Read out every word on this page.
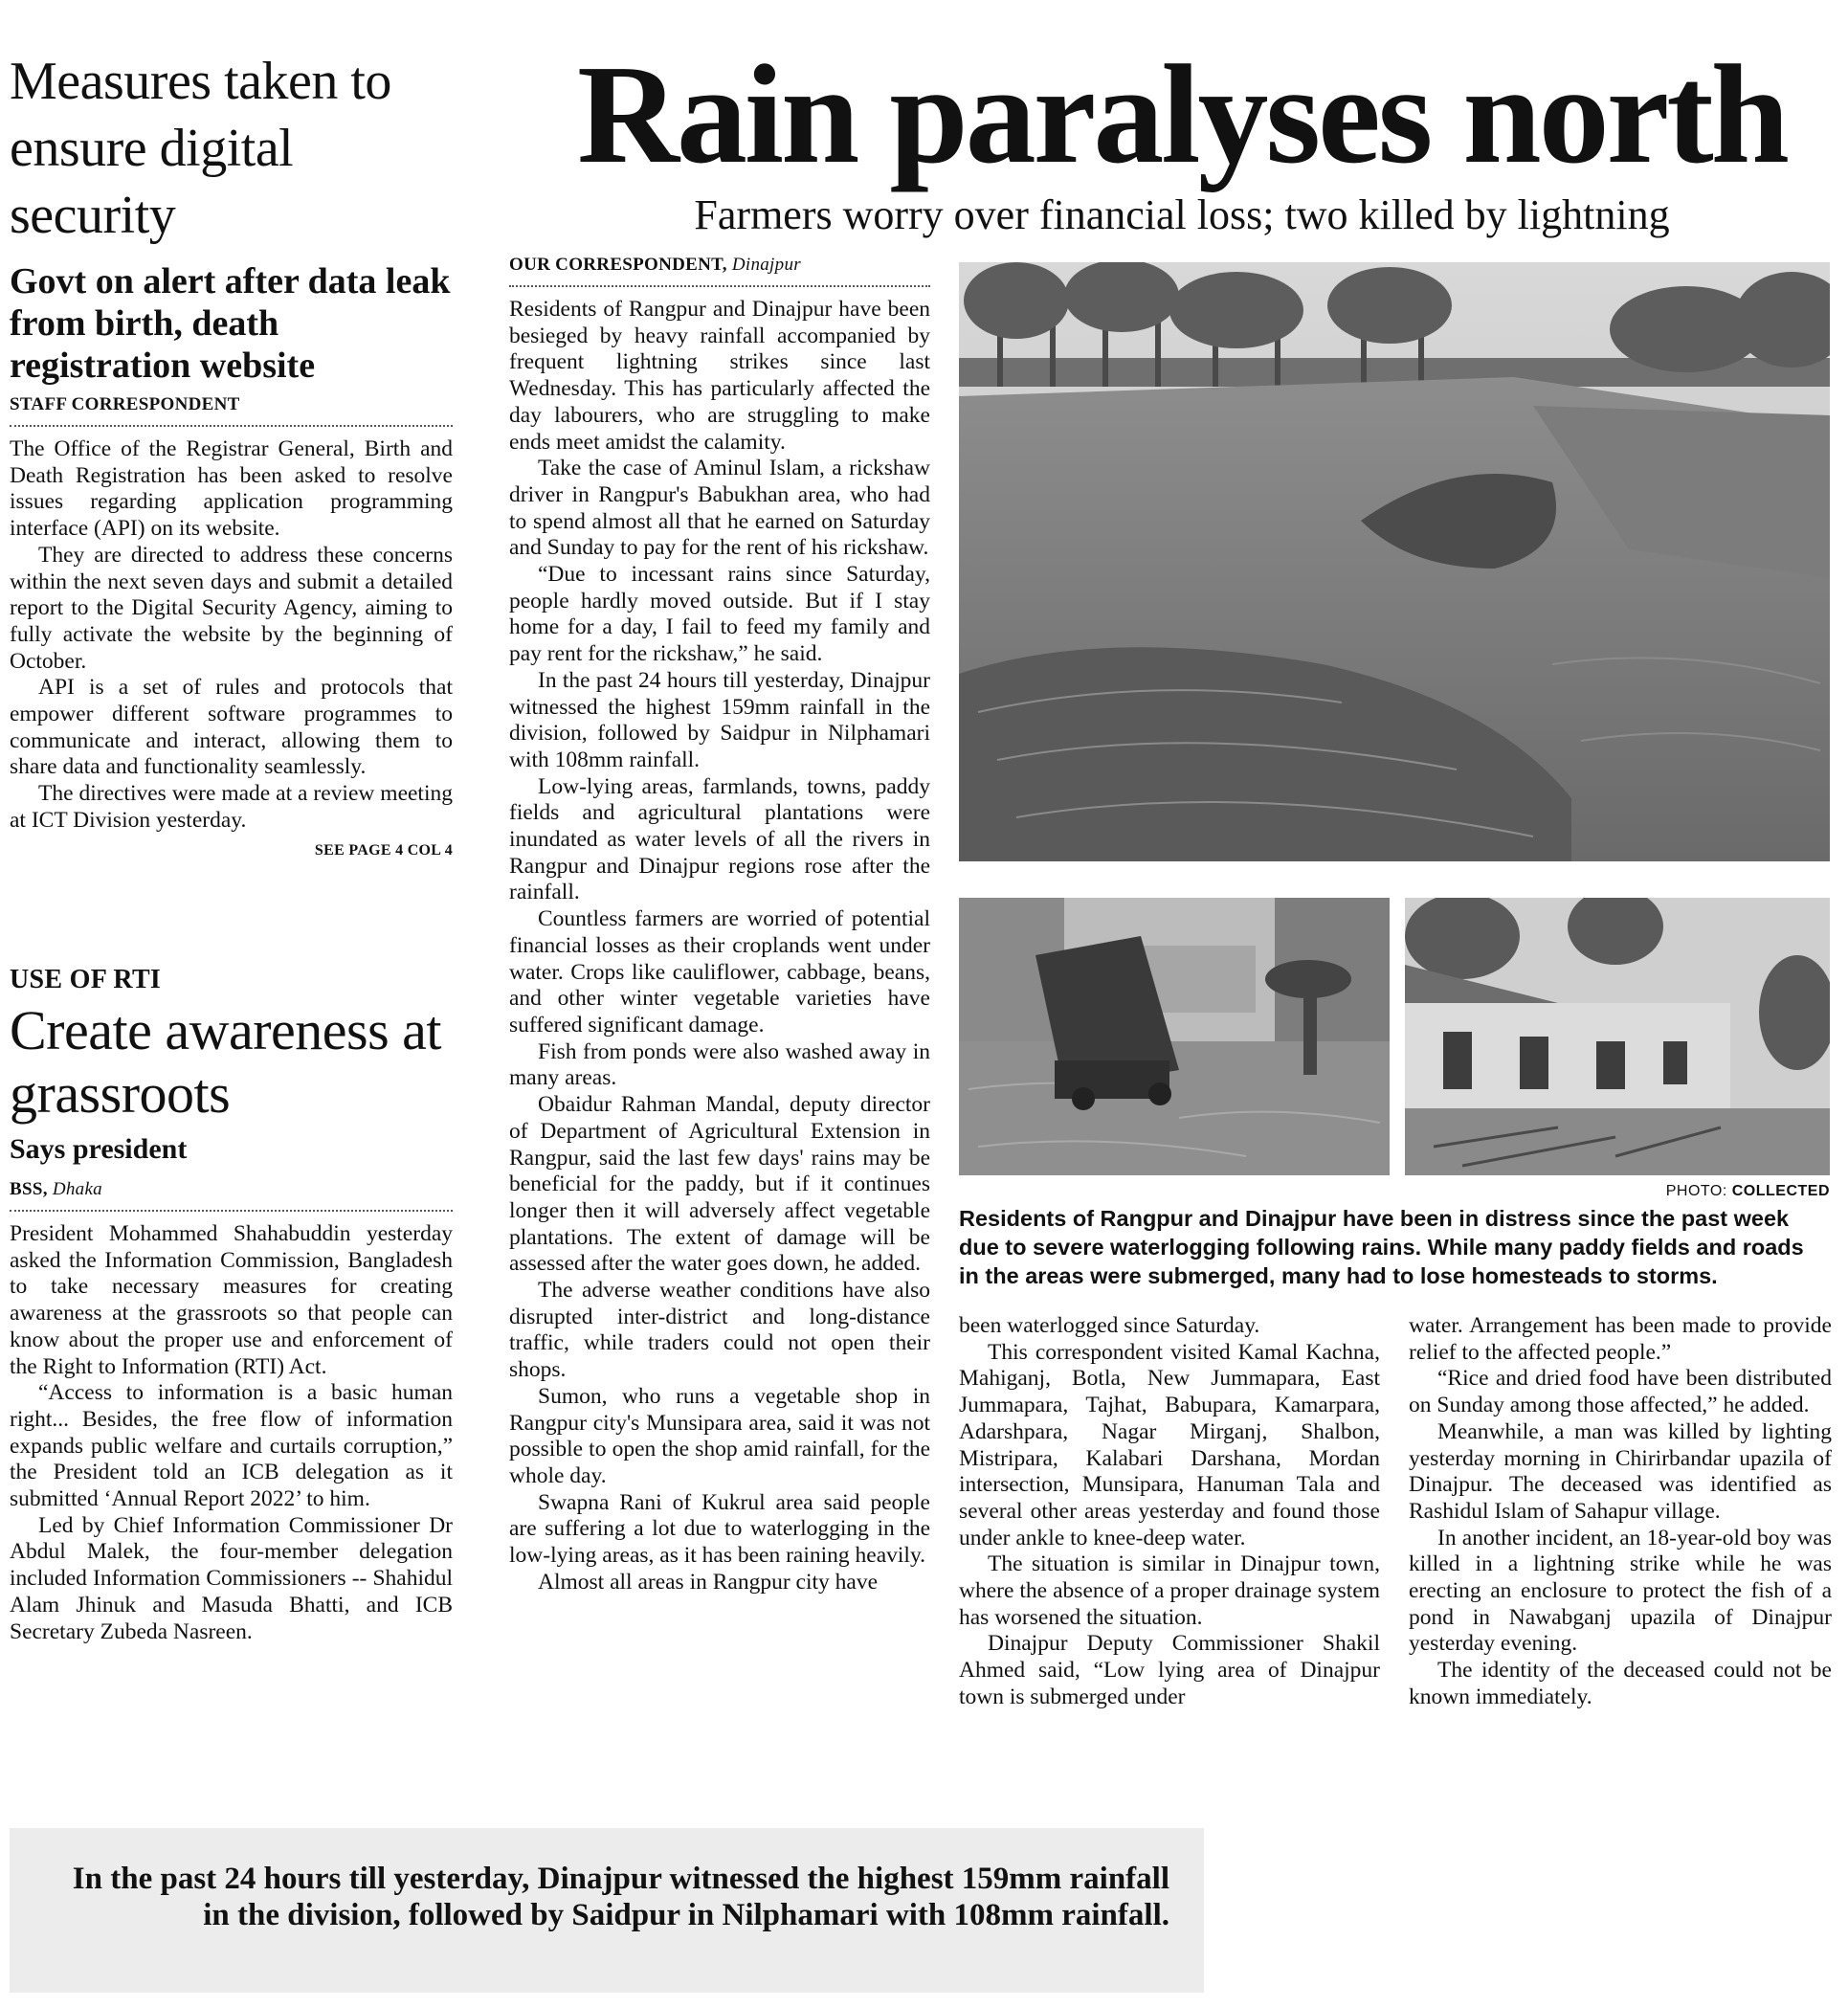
Measures taken to ensure digital security
Govt on alert after data leak from birth, death registration website
STAFF CORRESPONDENT

The Office of the Registrar General, Birth and Death Registration has been asked to resolve issues regarding application programming interface (API) on its website.

They are directed to address these concerns within the next seven days and submit a detailed report to the Digital Security Agency, aiming to fully activate the website by the beginning of October.

API is a set of rules and protocols that empower different software programmes to communicate and interact, allowing them to share data and functionality seamlessly.

The directives were made at a review meeting at ICT Division yesterday.

SEE PAGE 4 COL 4
USE OF RTI
Create awareness at grassroots
Says president
BSS, Dhaka

President Mohammed Shahabuddin yesterday asked the Information Commission, Bangladesh to take necessary measures for creating awareness at the grassroots so that people can know about the proper use and enforcement of the Right to Information (RTI) Act.

“Access to information is a basic human right... Besides, the free flow of information expands public welfare and curtails corruption,” the President told an ICB delegation as it submitted ‘Annual Report 2022’ to him.

Led by Chief Information Commissioner Dr Abdul Malek, the four-member delegation included Information Commissioners -- Shahidul Alam Jhinuk and Masuda Bhatti, and ICB Secretary Zubeda Nasreen.

Rain paralyses north
Farmers worry over financial loss; two killed by lightning
OUR CORRESPONDENT, Dinajpur

Residents of Rangpur and Dinajpur have been besieged by heavy rainfall accompanied by frequent lightning strikes since last Wednesday. This has particularly affected the day labourers, who are struggling to make ends meet amidst the calamity.

Take the case of Aminul Islam, a rickshaw driver in Rangpur's Babukhan area, who had to spend almost all that he earned on Saturday and Sunday to pay for the rent of his rickshaw.

“Due to incessant rains since Saturday, people hardly moved outside. But if I stay home for a day, I fail to feed my family and pay rent for the rickshaw,” he said.

In the past 24 hours till yesterday, Dinajpur witnessed the highest 159mm rainfall in the division, followed by Saidpur in Nilphamari with 108mm rainfall.

Low-lying areas, farmlands, towns, paddy fields and agricultural plantations were inundated as water levels of all the rivers in Rangpur and Dinajpur regions rose after the rainfall.

Countless farmers are worried of potential financial losses as their croplands went under water. Crops like cauliflower, cabbage, beans, and other winter vegetable varieties have suffered significant damage.

Fish from ponds were also washed away in many areas.

Obaidur Rahman Mandal, deputy director of Department of Agricultural Extension in Rangpur, said the last few days' rains may be beneficial for the paddy, but if it continues longer then it will adversely affect vegetable plantations. The extent of damage will be assessed after the water goes down, he added.

The adverse weather conditions have also disrupted inter-district and long-distance traffic, while traders could not open their shops.

Sumon, who runs a vegetable shop in Rangpur city's Munsipara area, said it was not possible to open the shop amid rainfall, for the whole day.

Swapna Rani of Kukrul area said people are suffering a lot due to waterlogging in the low-lying areas, as it has been raining heavily.

Almost all areas in Rangpur city have

PHOTO: COLLECTED
Residents of Rangpur and Dinajpur have been in distress since the past week due to severe waterlogging following rains. While many paddy fields and roads in the areas were submerged, many had to lose homesteads to storms.

been waterlogged since Saturday.

This correspondent visited Kamal Kachna, Mahiganj, Botla, New Jummapara, East Jummapara, Tajhat, Babupara, Kamarpara, Adarshpara, Nagar Mirganj, Shalbon, Mistripara, Kalabari Darshana, Mordan intersection, Munsipara, Hanuman Tala and several other areas yesterday and found those under ankle to knee-deep water.

The situation is similar in Dinajpur town, where the absence of a proper drainage system has worsened the situation.

Dinajpur Deputy Commissioner Shakil Ahmed said, “Low lying area of Dinajpur town is submerged under

water. Arrangement has been made to provide relief to the affected people.”

“Rice and dried food have been distributed on Sunday among those affected,” he added.

Meanwhile, a man was killed by lighting yesterday morning in Chirirbandar upazila of Dinajpur. The deceased was identified as Rashidul Islam of Sahapur village.

In another incident, an 18-year-old boy was killed in a lightning strike while he was erecting an enclosure to protect the fish of a pond in Nawabganj upazila of Dinajpur yesterday evening.

The identity of the deceased could not be known immediately.

In the past 24 hours till yesterday, Dinajpur witnessed the highest 159mm rainfall in the division, followed by Saidpur in Nilphamari with 108mm rainfall.
